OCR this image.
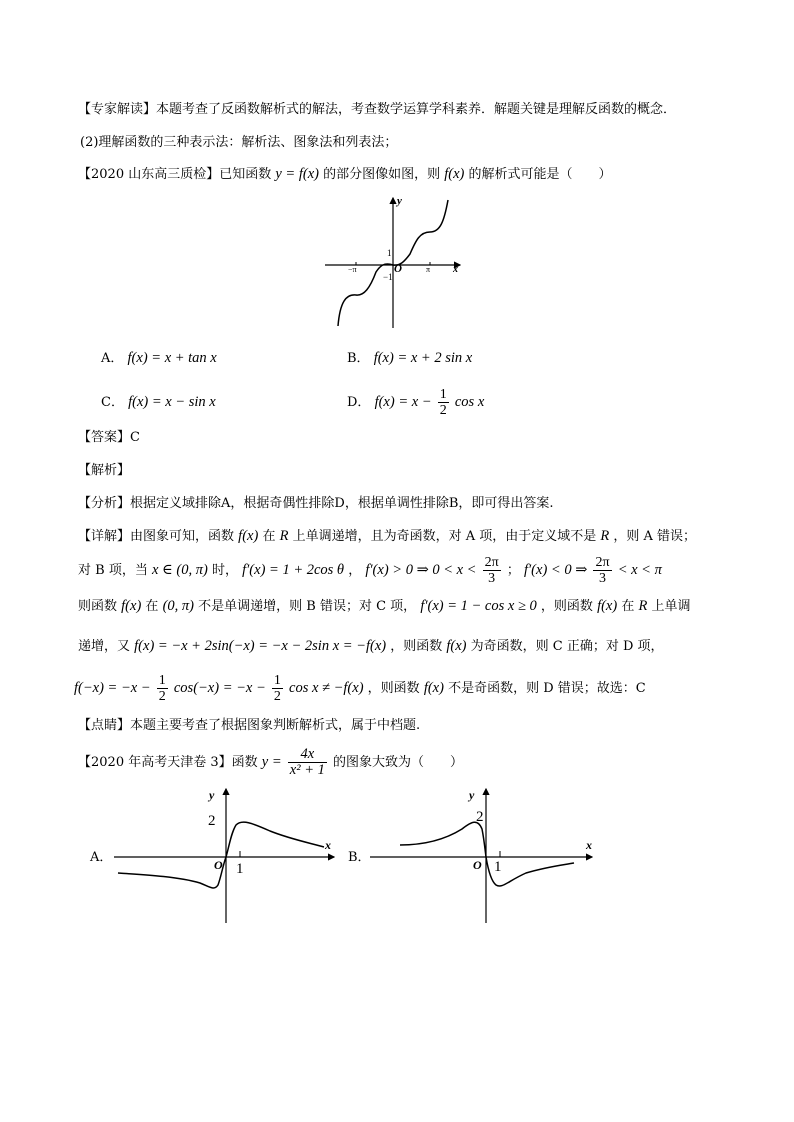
【专家解读】本题考查了反函数解析式的解法，考查数学运算学科素养．解题关键是理解反函数的概念．
(2)理解函数的三种表示法：解析法、图象法和列表法；
【2020 山东高三质检】已知函数 y = f(x) 的部分图像如图，则 f(x) 的解析式可能是（　　）
y
x
O
1
−1
−π	π
A． f(x) = x + tan x	B． f(x) = x + 2 sin x
C． f(x) = x − sin x	D． $f(x) = x - \frac{1}{2}$ cos x
【答案】C
【解析】
【分析】根据定义域排除A，根据奇偶性排除D，根据单调性排除B，即可得出答案.
【详解】由图象可知，函数 f(x) 在 R 上单调递增，且为奇函数，对 A 项，由于定义域不是 R ，则 A 错误；
对 B 项，当 x ∈ (0, π) 时， f′(x) = 1 + 2cos θ ， f′(x) > 0 ⇒ $0 < x < \frac{2\pi}{3}$ ； f′(x) < 0 ⇒ $\frac{2\pi}{3} < x < \pi$
则函数 f(x) 在 (0, π) 不是单调递增，则 B 错误；对 C 项， f′(x) = 1 − cos x ≥ 0 ，则函数 f(x) 在 R 上单调
递增，又 f(x) = −x + 2sin(−x) = −x − 2sin x = −f(x) ，则函数 f(x) 为奇函数，则 C 正确；对 D 项，
$f(-x) = -x - \frac{1}{2} \cos(-x) = -x - \frac{1}{2}$ cos x ≠ −f(x) ，则函数 f(x) 不是奇函数，则 D 错误；故选：C
【点睛】本题主要考查了根据图象判断解析式，属于中档题.
【2020 年高考天津卷 3】函数 $y = \frac{4x}{\text{x² + 1}}$ 的图象大致为（　　）
A．
y
x
O
2
1
B．
y
x
O
2
1
